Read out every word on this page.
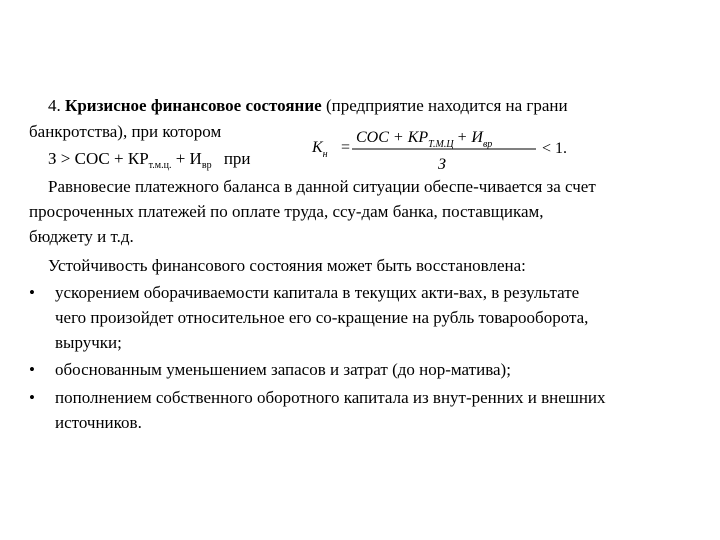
4. Кризисное финансовое состояние (предприятие находится на грани
банкротства), при котором
З > СОС + $КР_{т.м.ц.} + И_{вр}$ при
$К_н$ =
СОС + $КР_{Т.М.Ц} + И_{вр}$
З
< 1.
Равновесие платежного баланса в данной ситуации обеспе-чивается за счет
просроченных платежей по оплате труда, ссу-дам банка, поставщикам,
бюджету и т.д.
Устойчивость финансового состояния может быть восстановлена:
• ускорением оборачиваемости капитала в текущих акти-вах, в результате
чего произойдет относительное его со-кращение на рубль товарооборота,
выручки;
• обоснованным уменьшением запасов и затрат (до нор-матива);
• пополнением собственного оборотного капитала из внут-ренних и внешних
источников.
